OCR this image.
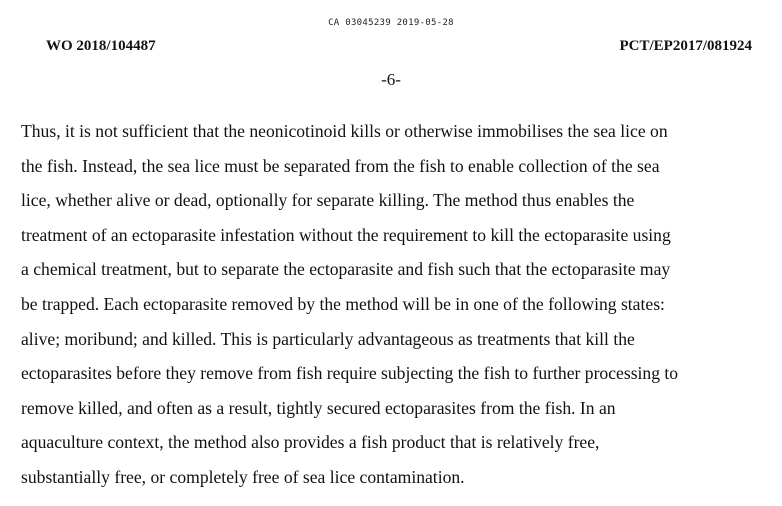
CA 03045239 2019-05-28
WO 2018/104487	PCT/EP2017/081924
-6-
Thus, it is not sufficient that the neonicotinoid kills or otherwise immobilises the sea lice on
the fish. Instead, the sea lice must be separated from the fish to enable collection of the sea
lice, whether alive or dead, optionally for separate killing. The method thus enables the
treatment of an ectoparasite infestation without the requirement to kill the ectoparasite using
a chemical treatment, but to separate the ectoparasite and fish such that the ectoparasite may
be trapped. Each ectoparasite removed by the method will be in one of the following states:
alive; moribund; and killed. This is particularly advantageous as treatments that kill the
ectoparasites before they remove from fish require subjecting the fish to further processing to
remove killed, and often as a result, tightly secured ectoparasites from the fish. In an
aquaculture context, the method also provides a fish product that is relatively free,
substantially free, or completely free of sea lice contamination.
